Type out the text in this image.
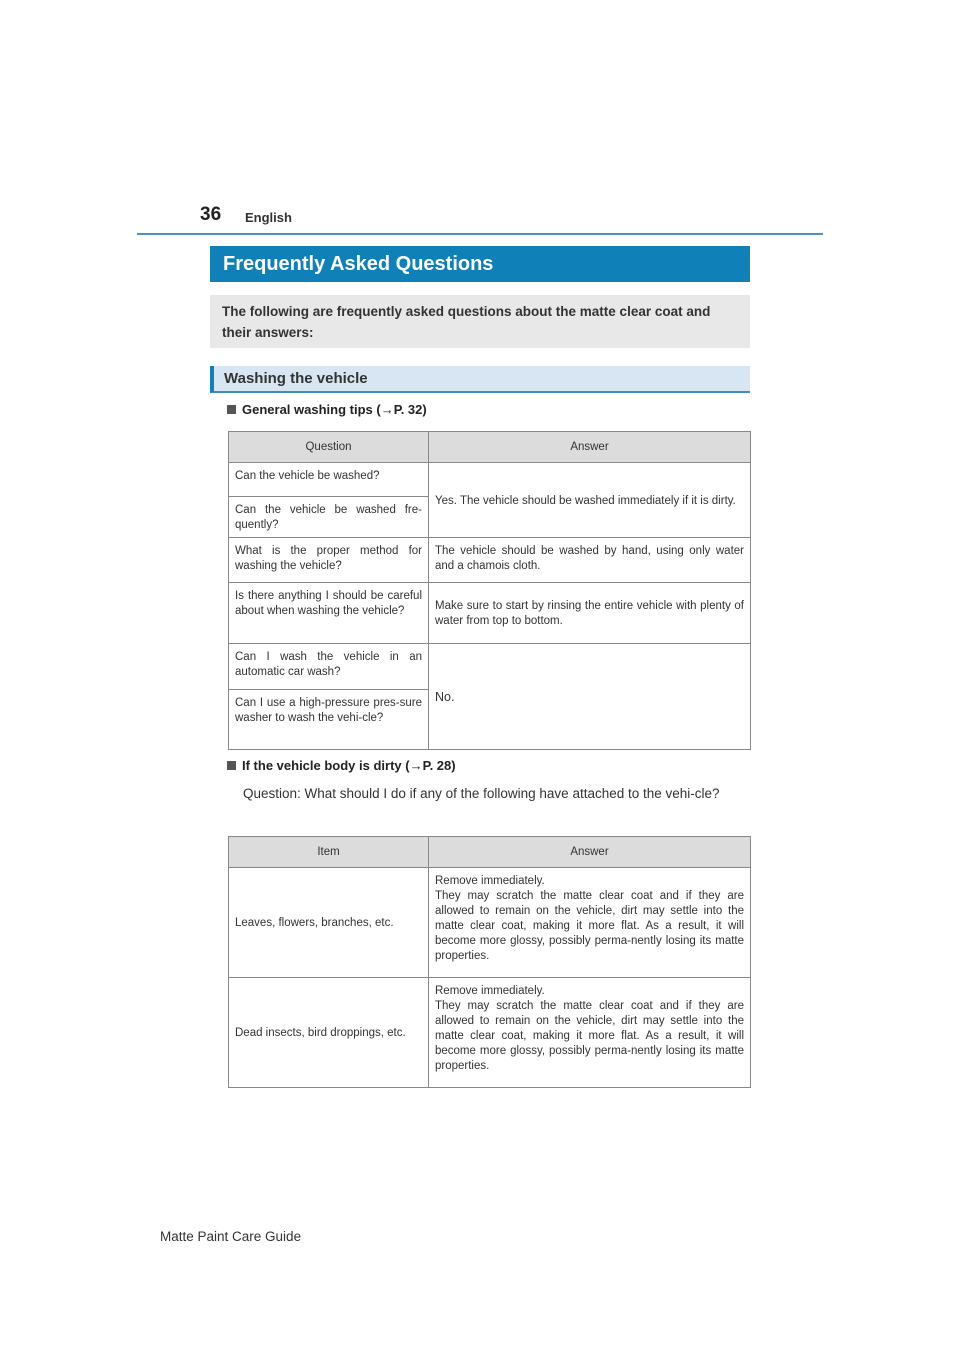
36 English
Frequently Asked Questions
The following are frequently asked questions about the matte clear coat and their answers:
Washing the vehicle
General washing tips (→P. 32)
Question	Answer
Can the vehicle be washed?	Yes. The vehicle should be washed immediately if it is dirty.
Can the vehicle be washed fre-quently?	
What is the proper method for washing the vehicle?	The vehicle should be washed by hand, using only water and a chamois cloth.
Is there anything I should be careful about when washing the vehicle?	Make sure to start by rinsing the entire vehicle with plenty of water from top to bottom.
Can I wash the vehicle in an automatic car wash?	No.
Can I use a high-pressure pres-sure washer to wash the vehi-cle?	
If the vehicle body is dirty (→P. 28)
Question: What should I do if any of the following have attached to the vehi-cle?
Item	Answer
Leaves, flowers, branches, etc.	Remove immediately.
They may scratch the matte clear coat and if they are allowed to remain on the vehicle, dirt may settle into the matte clear coat, making it more flat. As a result, it will become more glossy, possibly perma-nently losing its matte properties.

Dead insects, bird droppings, etc.	Remove immediately.
They may scratch the matte clear coat and if they are allowed to remain on the vehicle, dirt may settle into the matte clear coat, making it more flat. As a result, it will become more glossy, possibly perma-nently losing its matte properties.
Matte Paint Care Guide
